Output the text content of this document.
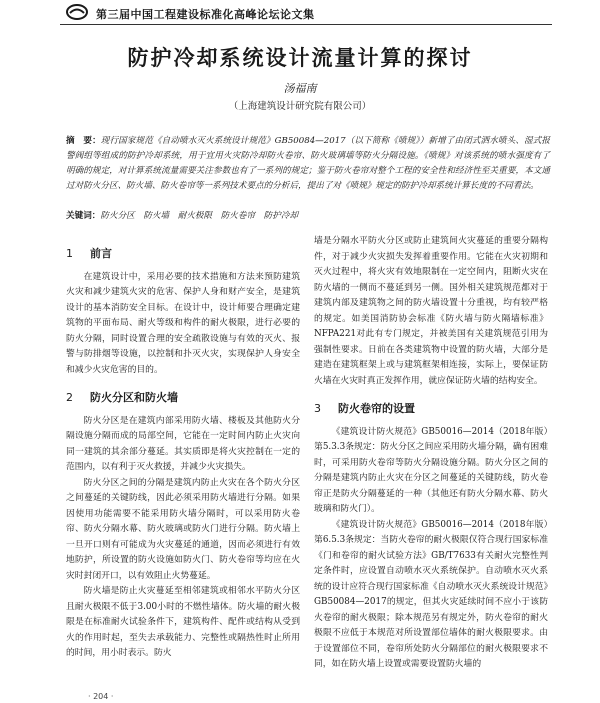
第三届中国工程建设标准化高峰论坛论文集
防护冷却系统设计流量计算的探讨
汤福南
（上海建筑设计研究院有限公司）
摘　要：现行国家规范《自动喷水灭火系统设计规范》GB50084—2017（以下简称《喷规》）新增了由闭式洒水喷头、湿式报警阀组等组成的防护冷却系统，用于宜用火灾防冷却防火卷帘、防火玻璃墙等防火分隔设施。《喷规》对该系统的喷水强度有了明确的规定，对计算系统流量需要关注参数也有了一系列的规定；鉴于防火卷帘对整个工程的安全性和经济性至关重要，本文通过对防火分区、防火墙、防火卷帘等一系列技术要点的分析后，提出了对《喷规》规定的防护冷却系统计算长度的不同看法。
关键词：防火分区　防火墙　耐火极限　防火卷帘　防护冷却
1 前言

在建筑设计中，采用必要的技术措施和方法来预防建筑火灾和减少建筑火灾的危害、保护人身和财产安全，是建筑设计的基本消防安全目标。在设计中，设计师要合理确定建筑物的平面布局、耐火等级和构件的耐火极限，进行必要的防火分隔，同时设置合理的安全疏散设施与有效的灭火、报警与防排烟等设施，以控制和扑灭火灾，实现保护人身安全和减少火灾危害的目的。

2 防火分区和防火墙

防火分区是在建筑内部采用防火墙、楼板及其他防火分隔设施分隔而成的局部空间，它能在一定时间内防止火灾向同一建筑的其余部分蔓延。其实质即是将火灾控制在一定的范围内，以有利于灭火救援，并减少火灾损失。

防火分区之间的分隔是建筑内防止火灾在各个防火分区之间蔓延的关键防线，因此必须采用防火墙进行分隔。如果因使用功能需要不能采用防火墙分隔时，可以采用防火卷帘、防火分隔水幕、防火玻璃或防火门进行分隔。防火墙上一旦开口则有可能成为火灾蔓延的通道，因而必须进行有效地防护，所设置的防火设施如防火门、防火卷帘等均应在火灾时封闭开口，以有效阻止火势蔓延。

防火墙是防止火灾蔓延至相邻建筑或相邻水平防火分区且耐火极限不低于3.00小时的不燃性墙体。防火墙的耐火极限是在标准耐火试验条件下，建筑构件、配件或结构从受到火的作用时起，至失去承载能力、完整性或隔热性时止所用的时间，用小时表示。防火

墙是分隔水平防火分区或防止建筑间火灾蔓延的重要分隔构件，对于减少火灾损失发挥着重要作用。它能在火灾初期和灭火过程中，将火灾有效地限制在一定空间内，阻断火灾在防火墙的一侧而不蔓延到另一侧。国外相关建筑规范都对于建筑内部及建筑物之间的防火墙设置十分重视，均有较严格的规定。如美国消防协会标准《防火墙与防火隔墙标准》NFPA221对此有专门规定，并被美国有关建筑规范引用为强制性要求。日前在各类建筑物中设置的防火墙，大部分是建造在建筑框架上或与建筑框架相连接，实际上，要保证防火墙在火灾时真正发挥作用，就应保证防火墙的结构安全。

3 防火卷帘的设置

《建筑设计防火规范》GB50016—2014（2018年版）第5.3.3条规定：防火分区之间应采用防火墙分隔，确有困难时，可采用防火卷帘等防火分隔设施分隔。防火分区之间的分隔是建筑内防止火灾在分区之间蔓延的关键防线，防火卷帘正是防火分隔蔓延的一种（其他还有防火分隔水幕、防火玻璃和防火门）。

《建筑设计防火规范》GB50016—2014（2018年版）第6.5.3条规定：当防火卷帘的耐火极限仅符合现行国家标准《门和卷帘的耐火试验方法》GB/T7633有关耐火完整性判定条件时，应设置自动喷水灭火系统保护。自动喷水灭火系统的设计应符合现行国家标准《自动喷水灭火系统设计规范》GB50084—2017的规定，但其火灾延续时间不应小于该防火卷帘的耐火极限；除本规范另有规定外，防火卷帘的耐火极限不应低于本规范对所设置部位墙体的耐火极限要求。由于设置部位不同，卷帘所处防火分隔部位的耐火极限要求不同，如在防火墙上设置或需要设置防火墙的

· 204 ·
